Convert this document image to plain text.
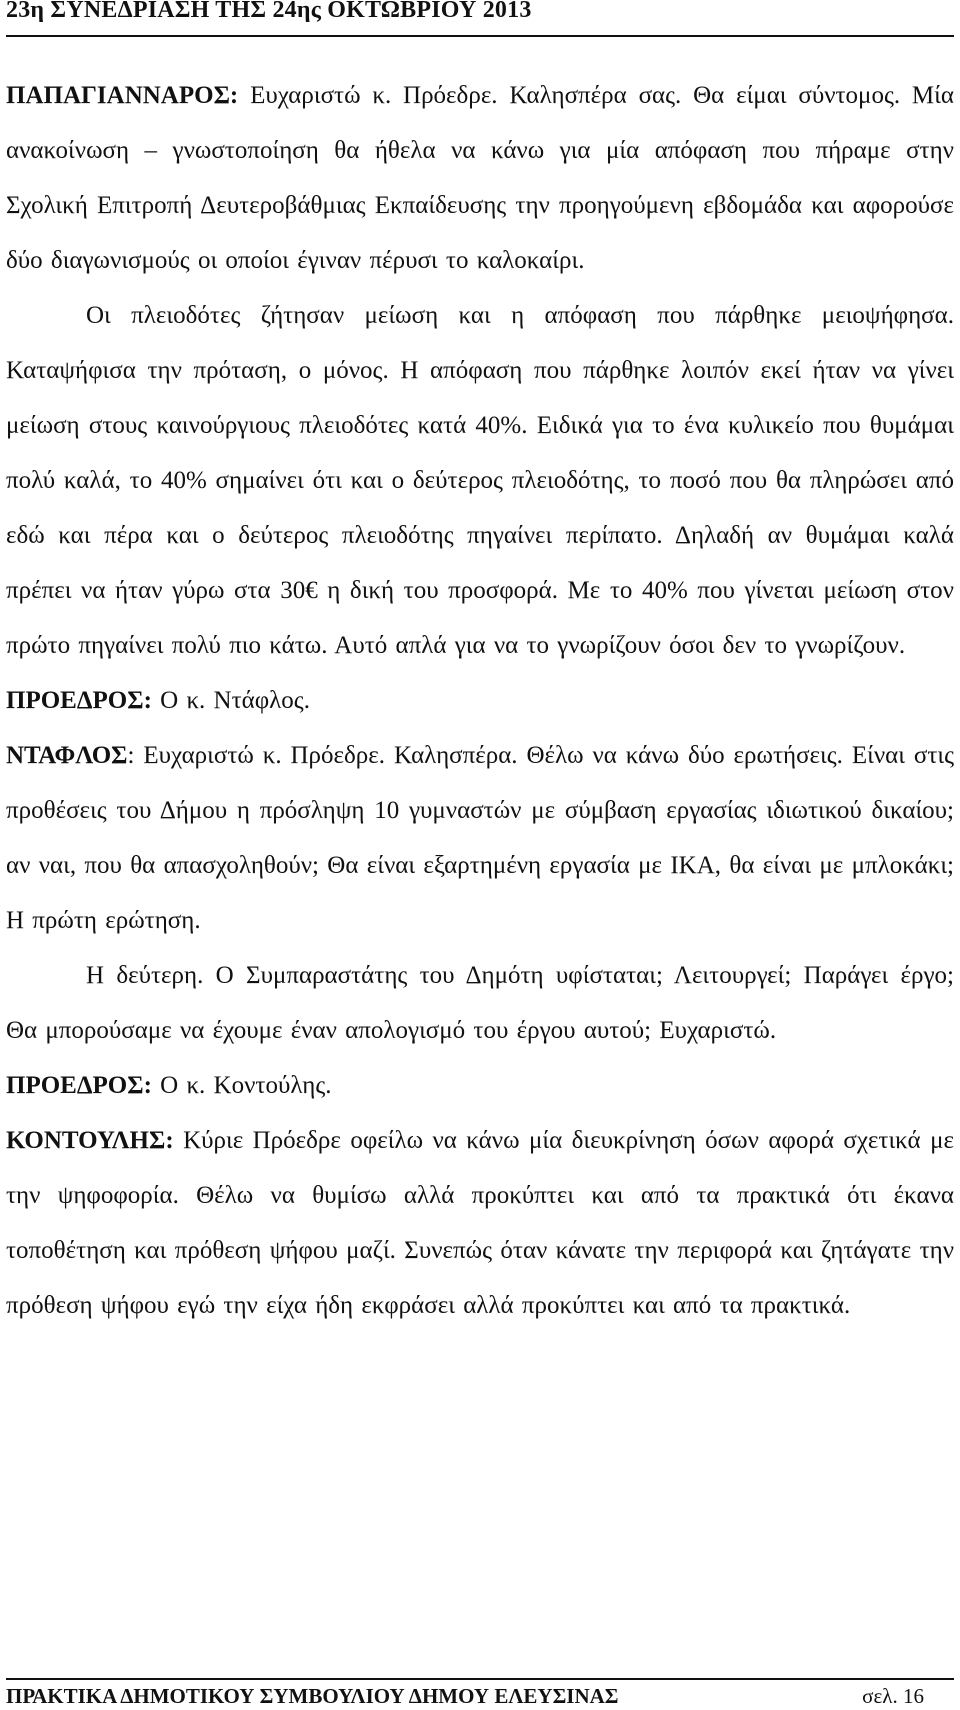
23η ΣΥΝΕΔΡΙΑΣΗ ΤΗΣ 24ης ΟΚΤΩΒΡΙΟΥ 2013

ΠΑΠΑΓΙΑΝΝΑΡΟΣ: Ευχαριστώ κ. Πρόεδρε. Καλησπέρα σας. Θα είμαι σύντομος. Μία ανακοίνωση – γνωστοποίηση θα ήθελα να κάνω για μία απόφαση που πήραμε στην Σχολική Επιτροπή Δευτεροβάθμιας Εκπαίδευσης την προηγούμενη εβδομάδα και αφορούσε δύο διαγωνισμούς οι οποίοι έγιναν πέρυσι το καλοκαίρι.

Οι πλειοδότες ζήτησαν μείωση και η απόφαση που πάρθηκε μειοψήφησα. Καταψήφισα την πρόταση, ο μόνος. Η απόφαση που πάρθηκε λοιπόν εκεί ήταν να γίνει μείωση στους καινούργιους πλειοδότες κατά 40%. Ειδικά για το ένα κυλικείο που θυμάμαι πολύ καλά, το 40% σημαίνει ότι και ο δεύτερος πλειοδότης, το ποσό που θα πληρώσει από εδώ και πέρα και ο δεύτερος πλειοδότης πηγαίνει περίπατο. Δηλαδή αν θυμάμαι καλά πρέπει να ήταν γύρω στα 30€ η δική του προσφορά. Με το 40% που γίνεται μείωση στον πρώτο πηγαίνει πολύ πιο κάτω. Αυτό απλά για να το γνωρίζουν όσοι δεν το γνωρίζουν.

ΠΡΟΕΔΡΟΣ: Ο κ. Ντάφλος.

ΝΤΑΦΛΟΣ: Ευχαριστώ κ. Πρόεδρε. Καλησπέρα. Θέλω να κάνω δύο ερωτήσεις. Είναι στις προθέσεις του Δήμου η πρόσληψη 10 γυμναστών με σύμβαση εργασίας ιδιωτικού δικαίου; αν ναι, που θα απασχοληθούν; Θα είναι εξαρτημένη εργασία με ΙΚΑ, θα είναι με μπλοκάκι; Η πρώτη ερώτηση.

Η δεύτερη. Ο Συμπαραστάτης του Δημότη υφίσταται; Λειτουργεί; Παράγει έργο; Θα μπορούσαμε να έχουμε έναν απολογισμό του έργου αυτού; Ευχαριστώ.

ΠΡΟΕΔΡΟΣ: Ο κ. Κοντούλης.

ΚΟΝΤΟΥΛΗΣ: Κύριε Πρόεδρε οφείλω να κάνω μία διευκρίνηση όσων αφορά σχετικά με την ψηφοφορία. Θέλω να θυμίσω αλλά προκύπτει και από τα πρακτικά ότι έκανα τοποθέτηση και πρόθεση ψήφου μαζί. Συνεπώς όταν κάνατε την περιφορά και ζητάγατε την πρόθεση ψήφου εγώ την είχα ήδη εκφράσει αλλά προκύπτει και από τα πρακτικά.

ΠΡΑΚΤΙΚΑ ΔΗΜΟΤΙΚΟΥ ΣΥΜΒΟΥΛΙΟΥ ΔΗΜΟΥ ΕΛΕΥΣΙΝΑΣ	σελ. 16
